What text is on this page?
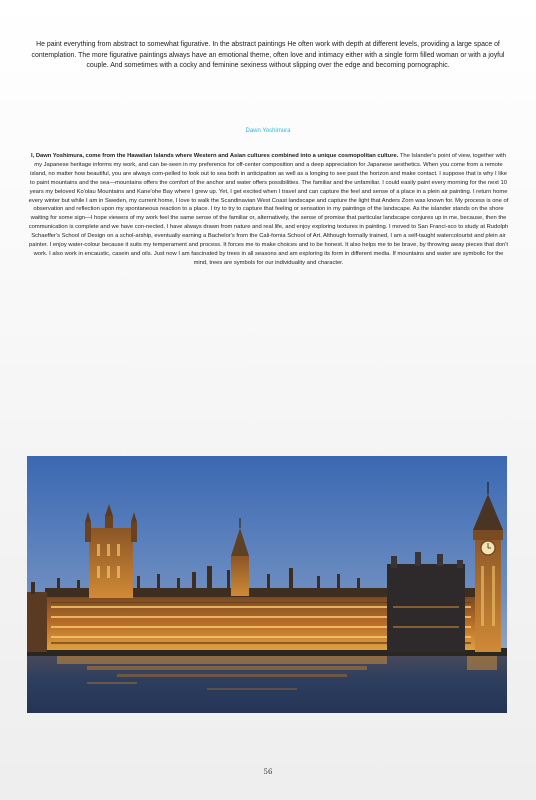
He paint everything from abstract to somewhat figurative. In the abstract paintings He often work with depth at different levels, providing a large space of contemplation. The more figurative paintings always have an emotional theme, often love and intimacy either with a single form filled woman or with a joyful couple. And sometimes with a cocky and feminine sexiness without slipping over the edge and becoming pornographic.

Dawn Yoshimura

I, Dawn Yoshimura, come from the Hawaiian Islands where Western and Asian cultures combined into a unique cosmopolitan culture. The Islander's point of view, together with my Japanese heritage informs my work, and can be-seen in my preference for off-center composition and a deep appreciation for Japanese aesthetics. When you come from a remote island, no matter how beautiful, you are always com-pelled to look out to sea both in anticipation as well as a longing to see past the horizon and make contact. I suppose that is why I like to paint mountains and the sea—mountains offers the comfort of the anchor and water offers possibilities. The familiar and the unfamiliar. I could easily paint every morning for the next 10 years my beloved Ko'olau Mountains and Kane'ohe Bay where I grew up. Yet, I get excited when I travel and can capture the feel and sense of a place in a plein air painting. I return home every winter but while I am in Sweden, my current home, I love to walk the Scandinavian West Coast landscape and capture the light that Anders Zorn was known for. My process is one of observation and reflection upon my spontaneous reaction to a place. I try to try to capture that feeling or sensation in my paintings of the landscape. As the islander stands on the shore waiting for some sign—I hope viewers of my work feel the same sense of the familiar or, alternatively, the sense of promise that particular landscape conjures up in me, because, then the communication is complete and we have con-nected. I have always drawn from nature and real life, and enjoy exploring textures in painting. I moved to San Franci-sco to study at Rudolph Schaeffer's School of Design on a schol-arship, eventually earning a Bachelor's from the Cali-fornia School of Art. Although formally trained, I am a self-taught watercolourist and plein air painter. I enjoy water-colour because it suits my temperament and process. It forces me to make choices and to be honest. It also helps me to be brave, by throwing away pieces that don't work. I also work in encaustic, casein and oils. Just now I am fascinated by trees in all seasons and am exploring its form in different media. If mountains and water are symbolic for the mind, trees are symbols for our individuality and character.

56
